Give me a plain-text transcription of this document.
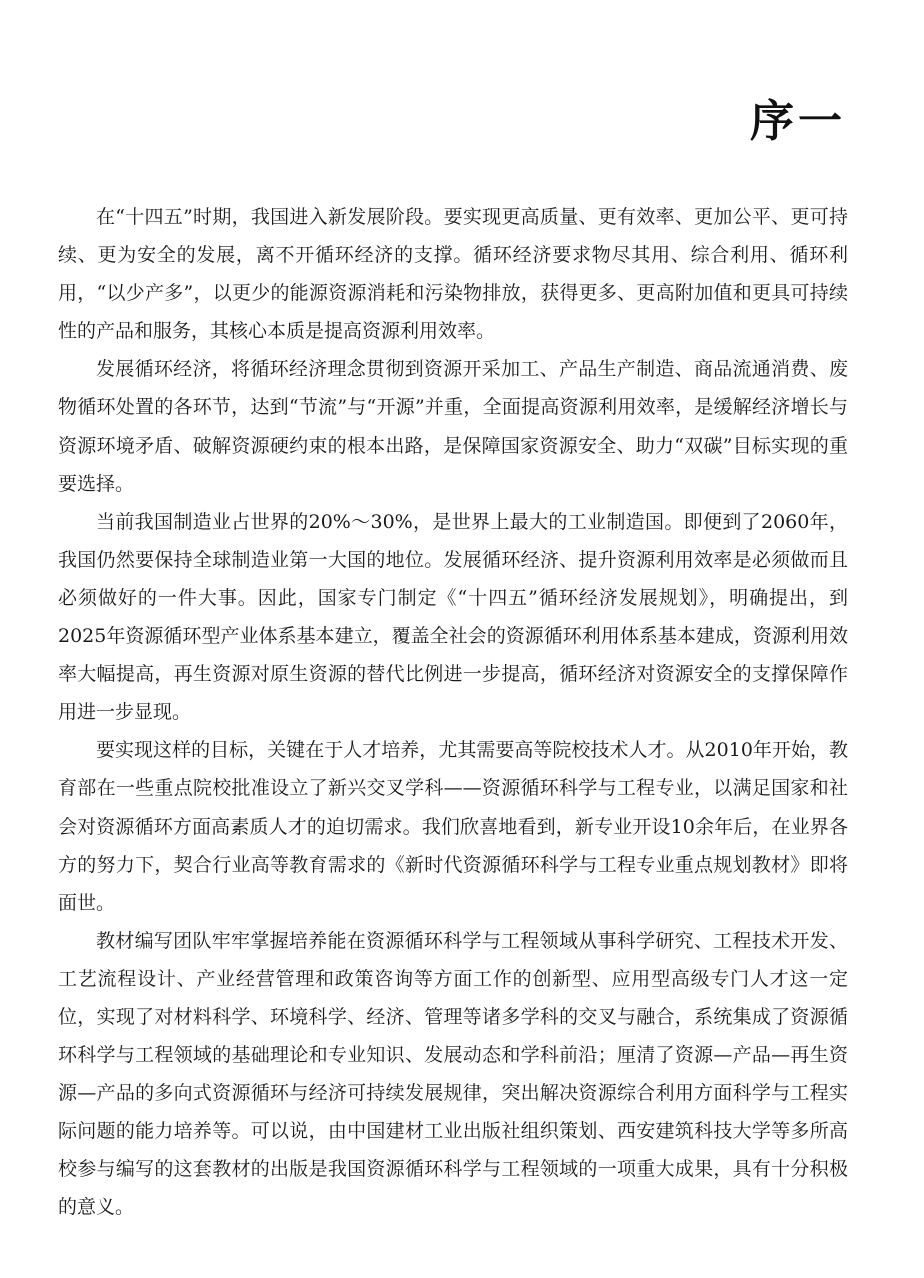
序一

在“十四五”时期，我国进入新发展阶段。要实现更高质量、更有效率、更加公平、更可持续、更为安全的发展，离不开循环经济的支撑。循环经济要求物尽其用、综合利用、循环利用，“以少产多”，以更少的能源资源消耗和污染物排放，获得更多、更高附加值和更具可持续性的产品和服务，其核心本质是提高资源利用效率。

发展循环经济，将循环经济理念贯彻到资源开采加工、产品生产制造、商品流通消费、废物循环处置的各环节，达到“节流”与“开源”并重，全面提高资源利用效率，是缓解经济增长与资源环境矛盾、破解资源硬约束的根本出路，是保障国家资源安全、助力“双碳”目标实现的重要选择。

当前我国制造业占世界的20%～30%，是世界上最大的工业制造国。即便到了2060年，我国仍然要保持全球制造业第一大国的地位。发展循环经济、提升资源利用效率是必须做而且必须做好的一件大事。因此，国家专门制定《“十四五”循环经济发展规划》，明确提出，到2025年资源循环型产业体系基本建立，覆盖全社会的资源循环利用体系基本建成，资源利用效率大幅提高，再生资源对原生资源的替代比例进一步提高，循环经济对资源安全的支撑保障作用进一步显现。

要实现这样的目标，关键在于人才培养，尤其需要高等院校技术人才。从2010年开始，教育部在一些重点院校批准设立了新兴交叉学科——资源循环科学与工程专业，以满足国家和社会对资源循环方面高素质人才的迫切需求。我们欣喜地看到，新专业开设10余年后，在业界各方的努力下，契合行业高等教育需求的《新时代资源循环科学与工程专业重点规划教材》即将面世。

教材编写团队牢牢掌握培养能在资源循环科学与工程领域从事科学研究、工程技术开发、工艺流程设计、产业经营管理和政策咨询等方面工作的创新型、应用型高级专门人才这一定位，实现了对材料科学、环境科学、经济、管理等诸多学科的交叉与融合，系统集成了资源循环科学与工程领域的基础理论和专业知识、发展动态和学科前沿；厘清了资源—产品—再生资源—产品的多向式资源循环与经济可持续发展规律，突出解决资源综合利用方面科学与工程实际问题的能力培养等。可以说，由中国建材工业出版社组织策划、西安建筑科技大学等多所高校参与编写的这套教材的出版是我国资源循环科学与工程领域的一项重大成果，具有十分积极的意义。
